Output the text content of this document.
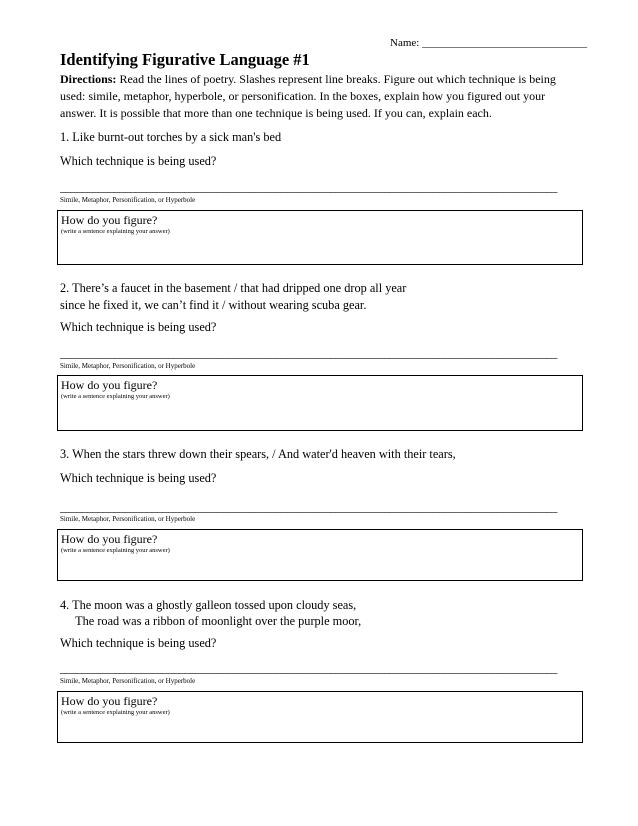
Name: ______________________________
Identifying Figurative Language #1
Directions: Read the lines of poetry. Slashes represent line breaks. Figure out which technique is being used: simile, metaphor, hyperbole, or personification. In the boxes, explain how you figured out your answer. It is possible that more than one technique is being used. If you can, explain each.
1. Like burnt-out torches by a sick man's bed
Which technique is being used?
____________________________________________________________________________________________
Simile, Metaphor, Personification, or Hyperbole
How do you figure?
(write a sentence explaining your answer)
2. There’s a faucet in the basement / that had dripped one drop all year
since he fixed it, we can’t find it / without wearing scuba gear.
Which technique is being used?
____________________________________________________________________________________________
Simile, Metaphor, Personification, or Hyperbole
How do you figure?
(write a sentence explaining your answer)
3. When the stars threw down their spears, / And water'd heaven with their tears,
Which technique is being used?
____________________________________________________________________________________________
Simile, Metaphor, Personification, or Hyperbole
How do you figure?
(write a sentence explaining your answer)
4. The moon was a ghostly galleon tossed upon cloudy seas,
The road was a ribbon of moonlight over the purple moor,
Which technique is being used?
____________________________________________________________________________________________
Simile, Metaphor, Personification, or Hyperbole
How do you figure?
(write a sentence explaining your answer)
